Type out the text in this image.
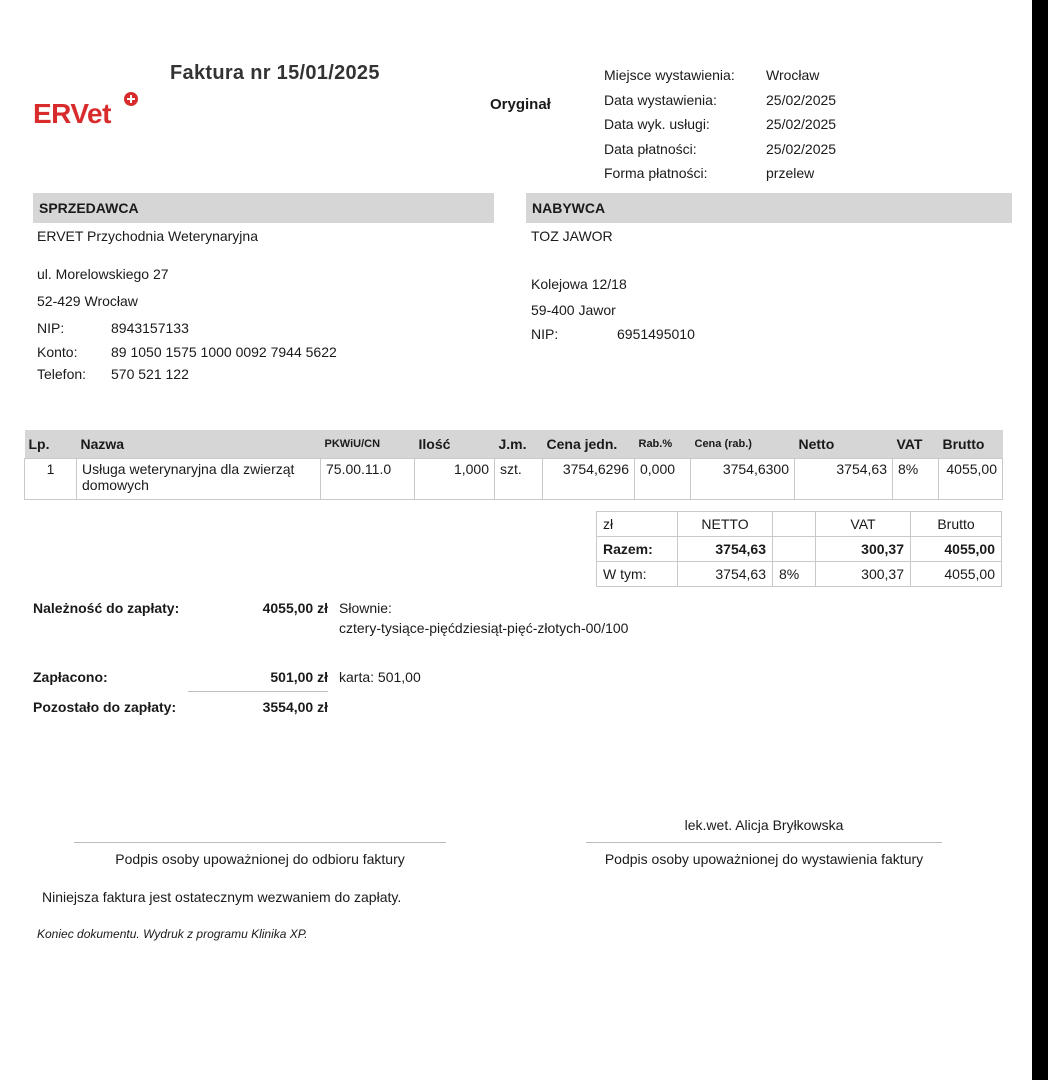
Faktura nr 15/01/2025
ERVet	Oryginał
Miejsce wystawienia:	Wrocław
Data wystawienia:	25/02/2025
Data wyk. usługi:	25/02/2025
Data płatności:	25/02/2025
Forma płatności:	przelew
SPRZEDAWCA
ERVET Przychodnia Weterynaryjna
ul. Morelowskiego 27
52-429 Wrocław
NIP:	8943157133
Konto:	89 1050 1575 1000 0092 7944 5622
Telefon:	570 521 122
NABYWCA
TOZ JAWOR
Kolejowa 12/18
59-400 Jawor
NIP:	6951495010
Lp.	Nazwa	PKWiU/CN	Ilość	J.m.	Cena jedn.	Rab.%	Cena (rab.)	Netto	VAT	Brutto
1	Usługa weterynaryjna dla zwierząt domowych	75.00.11.0	1,000	szt.	3754,6296	0,000	3754,6300	3754,63	8%	4055,00
zł	NETTO		VAT	Brutto
Razem:	3754,63		300,37	4055,00
W tym:	3754,63	8%	300,37	4055,00
Należność do zapłaty:	4055,00 zł Słownie:
cztery-tysiące-pięćdziesiąt-pięć-złotych-00/100
Zapłacono:	501,00 zł karta: 501,00
Pozostało do zapłaty:	3554,00 zł
lek.wet. Alicja Bryłkowska
Podpis osoby upoważnionej do odbioru faktury	Podpis osoby upoważnionej do wystawienia faktury
Niniejsza faktura jest ostatecznym wezwaniem do zapłaty.
Koniec dokumentu. Wydruk z programu Klinika XP.
